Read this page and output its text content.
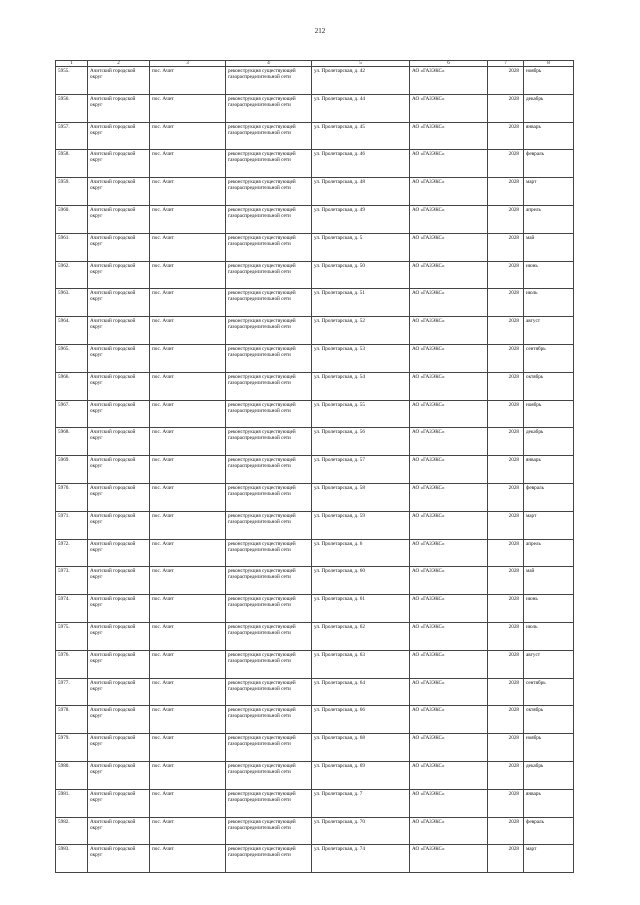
212
1	2	3	4	5	6	7	8
5955.	Ачитский городской округ	пос. Ачит	реконструкция существующей газораспределительной сети	ул. Пролетарская, д. 42	АО «ГАЗЭКС»	2028	ноябрь
5956.	Ачитский городской округ	пос. Ачит	реконструкция существующей газораспределительной сети	ул. Пролетарская, д. 44	АО «ГАЗЭКС»	2028	декабрь
5957.	Ачитский городской округ	пос. Ачит	реконструкция существующей газораспределительной сети	ул. Пролетарская, д. 45	АО «ГАЗЭКС»	2028	январь
5958.	Ачитский городской округ	пос. Ачит	реконструкция существующей газораспределительной сети	ул. Пролетарская, д. 46	АО «ГАЗЭКС»	2028	февраль
5959.	Ачитский городской округ	пос. Ачит	реконструкция существующей газораспределительной сети	ул. Пролетарская, д. 48	АО «ГАЗЭКС»	2028	март
5960.	Ачитский городской округ	пос. Ачит	реконструкция существующей газораспределительной сети	ул. Пролетарская, д. 49	АО «ГАЗЭКС»	2028	апрель
5961.	Ачитский городской округ	пос. Ачит	реконструкция существующей газораспределительной сети	ул. Пролетарская, д. 5	АО «ГАЗЭКС»	2028	май
5962.	Ачитский городской округ	пос. Ачит	реконструкция существующей газораспределительной сети	ул. Пролетарская, д. 50	АО «ГАЗЭКС»	2028	июнь
5963.	Ачитский городской округ	пос. Ачит	реконструкция существующей газораспределительной сети	ул. Пролетарская, д. 51	АО «ГАЗЭКС»	2028	июль
5964.	Ачитский городской округ	пос. Ачит	реконструкция существующей газораспределительной сети	ул. Пролетарская, д. 52	АО «ГАЗЭКС»	2028	август
5965.	Ачитский городской округ	пос. Ачит	реконструкция существующей газораспределительной сети	ул. Пролетарская, д. 53	АО «ГАЗЭКС»	2028	сентябрь
5966.	Ачитский городской округ	пос. Ачит	реконструкция существующей газораспределительной сети	ул. Пролетарская, д. 54	АО «ГАЗЭКС»	2028	октябрь
5967.	Ачитский городской округ	пос. Ачит	реконструкция существующей газораспределительной сети	ул. Пролетарская, д. 55	АО «ГАЗЭКС»	2028	ноябрь
5968.	Ачитский городской округ	пос. Ачит	реконструкция существующей газораспределительной сети	ул. Пролетарская, д. 56	АО «ГАЗЭКС»	2028	декабрь
5969.	Ачитский городской округ	пос. Ачит	реконструкция существующей газораспределительной сети	ул. Пролетарская, д. 57	АО «ГАЗЭКС»	2028	январь
5970.	Ачитский городской округ	пос. Ачит	реконструкция существующей газораспределительной сети	ул. Пролетарская, д. 58	АО «ГАЗЭКС»	2028	февраль
5971.	Ачитский городской округ	пос. Ачит	реконструкция существующей газораспределительной сети	ул. Пролетарская, д. 59	АО «ГАЗЭКС»	2028	март
5972.	Ачитский городской округ	пос. Ачит	реконструкция существующей газораспределительной сети	ул. Пролетарская, д. 6	АО «ГАЗЭКС»	2028	апрель
5973.	Ачитский городской округ	пос. Ачит	реконструкция существующей газораспределительной сети	ул. Пролетарская, д. 60	АО «ГАЗЭКС»	2028	май
5974.	Ачитский городской округ	пос. Ачит	реконструкция существующей газораспределительной сети	ул. Пролетарская, д. 61	АО «ГАЗЭКС»	2028	июнь
5975.	Ачитский городской округ	пос. Ачит	реконструкция существующей газораспределительной сети	ул. Пролетарская, д. 62	АО «ГАЗЭКС»	2028	июль
5976.	Ачитский городской округ	пос. Ачит	реконструкция существующей газораспределительной сети	ул. Пролетарская, д. 63	АО «ГАЗЭКС»	2028	август
5977.	Ачитский городской округ	пос. Ачит	реконструкция существующей газораспределительной сети	ул. Пролетарская, д. 64	АО «ГАЗЭКС»	2028	сентябрь
5978.	Ачитский городской округ	пос. Ачит	реконструкция существующей газораспределительной сети	ул. Пролетарская, д. 66	АО «ГАЗЭКС»	2028	октябрь
5979.	Ачитский городской округ	пос. Ачит	реконструкция существующей газораспределительной сети	ул. Пролетарская, д. 68	АО «ГАЗЭКС»	2028	ноябрь
5980.	Ачитский городской округ	пос. Ачит	реконструкция существующей газораспределительной сети	ул. Пролетарская, д. 69	АО «ГАЗЭКС»	2028	декабрь
5981.	Ачитский городской округ	пос. Ачит	реконструкция существующей газораспределительной сети	ул. Пролетарская, д. 7	АО «ГАЗЭКС»	2028	январь
5982.	Ачитский городской округ	пос. Ачит	реконструкция существующей газораспределительной сети	ул. Пролетарская, д. 70	АО «ГАЗЭКС»	2028	февраль
5983.	Ачитский городской округ	пос. Ачит	реконструкция существующей газораспределительной сети	ул. Пролетарская, д. 74	АО «ГАЗЭКС»	2028	март
